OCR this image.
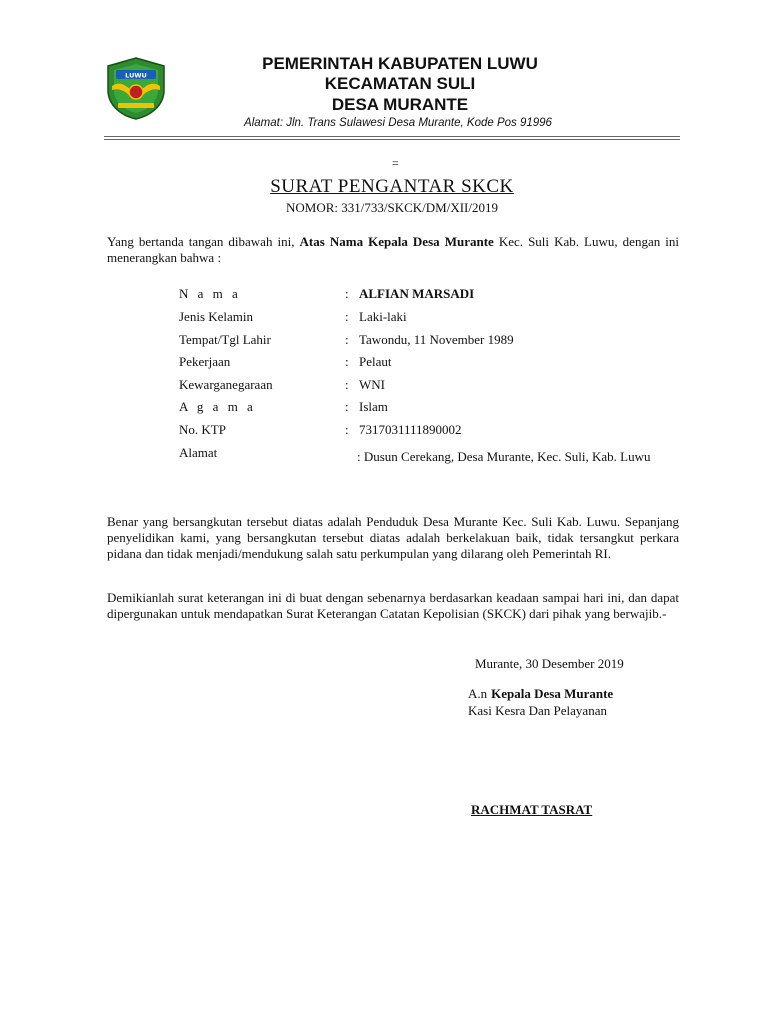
LUWU

PEMERINTAH KABUPATEN LUWU

KECAMATAN SULI

DESA MURANTE

Alamat: Jln. Trans Sulawesi Desa Murante, Kode Pos 91996

=

SURAT PENGANTAR SKCK

NOMOR: 331/733/SKCK/DM/XII/2019

Yang bertanda tangan dibawah ini, Atas Nama Kepala Desa Murante Kec. Suli Kab. Luwu, dengan ini menerangkan bahwa :

N a m a	: ALFIAN MARSADI
Jenis Kelamin	: Laki-laki
Tempat/Tgl Lahir	: Tawondu, 11 November 1989
Pekerjaan	: Pelaut
Kewarganegaraan	: WNI
A g a m a	: Islam
No. KTP	: 7317031111890002
Alamat	: Dusun Cerekang, Desa Murante, Kec. Suli, Kab. Luwu

Benar yang bersangkutan tersebut diatas adalah Penduduk Desa Murante Kec. Suli Kab. Luwu. Sepanjang penyelidikan kami, yang bersangkutan tersebut diatas adalah berkelakuan baik, tidak tersangkut perkara pidana dan tidak menjadi/mendukung salah satu perkumpulan yang dilarang oleh Pemerintah RI.

Demikianlah surat keterangan ini di buat dengan sebenarnya berdasarkan keadaan sampai hari ini, dan dapat dipergunakan untuk mendapatkan Surat Keterangan Catatan Kepolisian (SKCK) dari pihak yang berwajib.-

Murante, 30 Desember 2019

A.n Kepala Desa Murante

Kasi Kesra Dan Pelayanan

RACHMAT TASRAT
